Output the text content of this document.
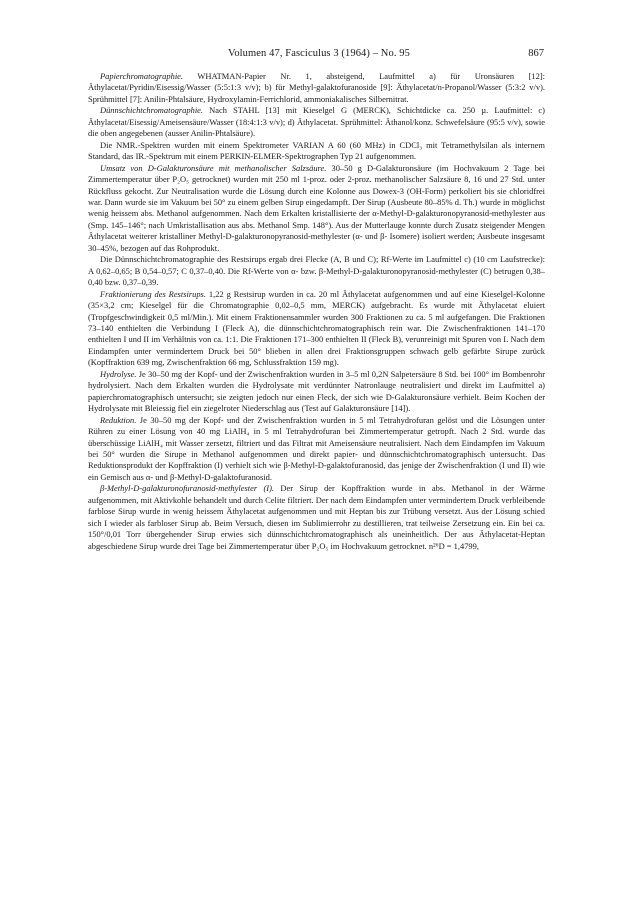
Volumen 47, Fasciculus 3 (1964) – No. 95	867

Papierchromatographie. WHATMAN-Papier Nr. 1, absteigend, Laufmittel a) für Uronsäuren [12]: Äthylacetat/Pyridin/Eisessig/Wasser (5:5:1:3 v/v); b) für Methyl-galaktofuranoside [9]: Äthylacetat/n-Propanol/Wasser (5:3:2 v/v). Sprühmittel [7]: Anilin-Phtalsäure, Hydroxylamin-Ferrichlorid, ammoniakalisches Silbernitrat.

Dünnschichtchromatographie. Nach STAHL [13] mit Kieselgel G (MERCK), Schichtdicke ca. 250 µ. Laufmittel: c) Äthylacetat/Eisessig/Ameisensäure/Wasser (18:4:1:3 v/v); d) Äthylacetat. Sprühmittel: Äthanol/konz. Schwefelsäure (95:5 v/v), sowie die oben angegebenen (ausser Anilin-Phtalsäure).

Die NMR.-Spektren wurden mit einem Spektrometer VARIAN A 60 (60 MHz) in CDCl₃ mit Tetramethylsilan als internem Standard, das IR.-Spektrum mit einem PERKIN-ELMER-Spektrographen Typ 21 aufgenommen.

Umsatz von D-Galakturonsäure mit methanolischer Salzsäure. 30–50 g D-Galakturonsäure (im Hochvakuum 2 Tage bei Zimmertemperatur über P₂O₅ getrocknet) wurden mit 250 ml 1-proz. oder 2-proz. methanolischer Salzsäure 8, 16 und 27 Std. unter Rückfluss gekocht. Zur Neutralisation wurde die Lösung durch eine Kolonne aus Dowex-3 (OH-Form) perkoliert bis sie chloridfrei war. Dann wurde sie im Vakuum bei 50° zu einem gelben Sirup eingedampft. Der Sirup (Ausbeute 80–85% d. Th.) wurde in möglichst wenig heissem abs. Methanol aufgenommen. Nach dem Erkalten kristallisierte der α-Methyl-D-galakturonopyranosid-methylester aus (Smp. 145–146°; nach Umkristallisation aus abs. Methanol Smp. 148°). Aus der Mutterlauge konnte durch Zusatz steigender Mengen Äthylacetat weiterer kristalliner Methyl-D-galakturonopyranosid-methylester (α- und β- Isomere) isoliert werden; Ausbeute insgesamt 30–45%, bezogen auf das Rohprodukt.

Die Dünnschichtchromatographie des Restsirups ergab drei Flecke (A, B und C); Rf-Werte im Laufmittel c) (10 cm Laufstrecke): A 0,62–0,65; B 0,54–0,57; C 0,37–0,40. Die Rf-Werte von α- bzw. β-Methyl-D-galakturonopyranosid-methylester (C) betrugen 0,38–0,40 bzw. 0,37–0,39.

Fraktionierung des Restsirups. 1,22 g Restsirup wurden in ca. 20 ml Äthylacetat aufgenommen und auf eine Kieselgel-Kolonne (35×3,2 cm; Kieselgel für die Chromatographie 0,02–0,5 mm, MERCK) aufgebracht. Es wurde mit Äthylacetat eluiert (Tropfgeschwindigkeit 0,5 ml/Min.). Mit einem Fraktionensammler wurden 300 Fraktionen zu ca. 5 ml aufgefangen. Die Fraktionen 73–140 enthielten die Verbindung I (Fleck A), die dünnschichtchromatographisch rein war. Die Zwischenfraktionen 141–170 enthielten I und II im Verhältnis von ca. 1:1. Die Fraktionen 171–300 enthielten II (Fleck B), verunreinigt mit Spuren von I. Nach dem Eindampfen unter vermindertem Druck bei 50° blieben in allen drei Fraktionsgruppen schwach gelb gefärbte Sirupe zurück (Kopffraktion 639 mg, Zwischenfraktion 66 mg, Schlussfraktion 159 mg).

Hydrolyse. Je 30–50 mg der Kopf- und der Zwischenfraktion wurden in 3–5 ml 0,2N Salpetersäure 8 Std. bei 100° im Bombenrohr hydrolysiert. Nach dem Erkalten wurden die Hydrolysate mit verdünnter Natronlauge neutralisiert und direkt im Laufmittel a) papierchromatographisch untersucht; sie zeigten jedoch nur einen Fleck, der sich wie D-Galakturonsäure verhielt. Beim Kochen der Hydrolysate mit Bleiessig fiel ein ziegelroter Niederschlag aus (Test auf Galakturonsäure [14]).

Reduktion. Je 30–50 mg der Kopf- und der Zwischenfraktion wurden in 5 ml Tetrahydrofuran gelöst und die Lösungen unter Rühren zu einer Lösung von 40 mg LiAlH₄ in 5 ml Tetrahydrofuran bei Zimmertemperatur getropft. Nach 2 Std. wurde das überschüssige LiAlH₄ mit Wasser zersetzt, filtriert und das Filtrat mit Ameisensäure neutralisiert. Nach dem Eindampfen im Vakuum bei 50° wurden die Sirupe in Methanol aufgenommen und direkt papier- und dünnschichtchromatographisch untersucht. Das Reduktionsprodukt der Kopffraktion (I) verhielt sich wie β-Methyl-D-galaktofuranosid, das jenige der Zwischenfraktion (I und II) wie ein Gemisch aus α- und β-Methyl-D-galaktofuranosid.

β-Methyl-D-galakturonofuranosid-methylester (I). Der Sirup der Kopffraktion wurde in abs. Methanol in der Wärme aufgenommen, mit Aktivkohle behandelt und durch Celite filtriert. Der nach dem Eindampfen unter vermindertem Druck verbleibende farblose Sirup wurde in wenig heissem Äthylacetat aufgenommen und mit Heptan bis zur Trübung versetzt. Aus der Lösung schied sich I wieder als farbloser Sirup ab. Beim Versuch, diesen im Sublimierrohr zu destillieren, trat teilweise Zersetzung ein. Ein bei ca. 150°/0,01 Torr übergehender Sirup erwies sich dünnschichtchromatographisch als uneinheitlich. Der aus Äthylacetat-Heptan abgeschiedene Sirup wurde drei Tage bei Zimmertemperatur über P₂O₅ im Hochvakuum getrocknet. n²⁶D = 1,4799,
